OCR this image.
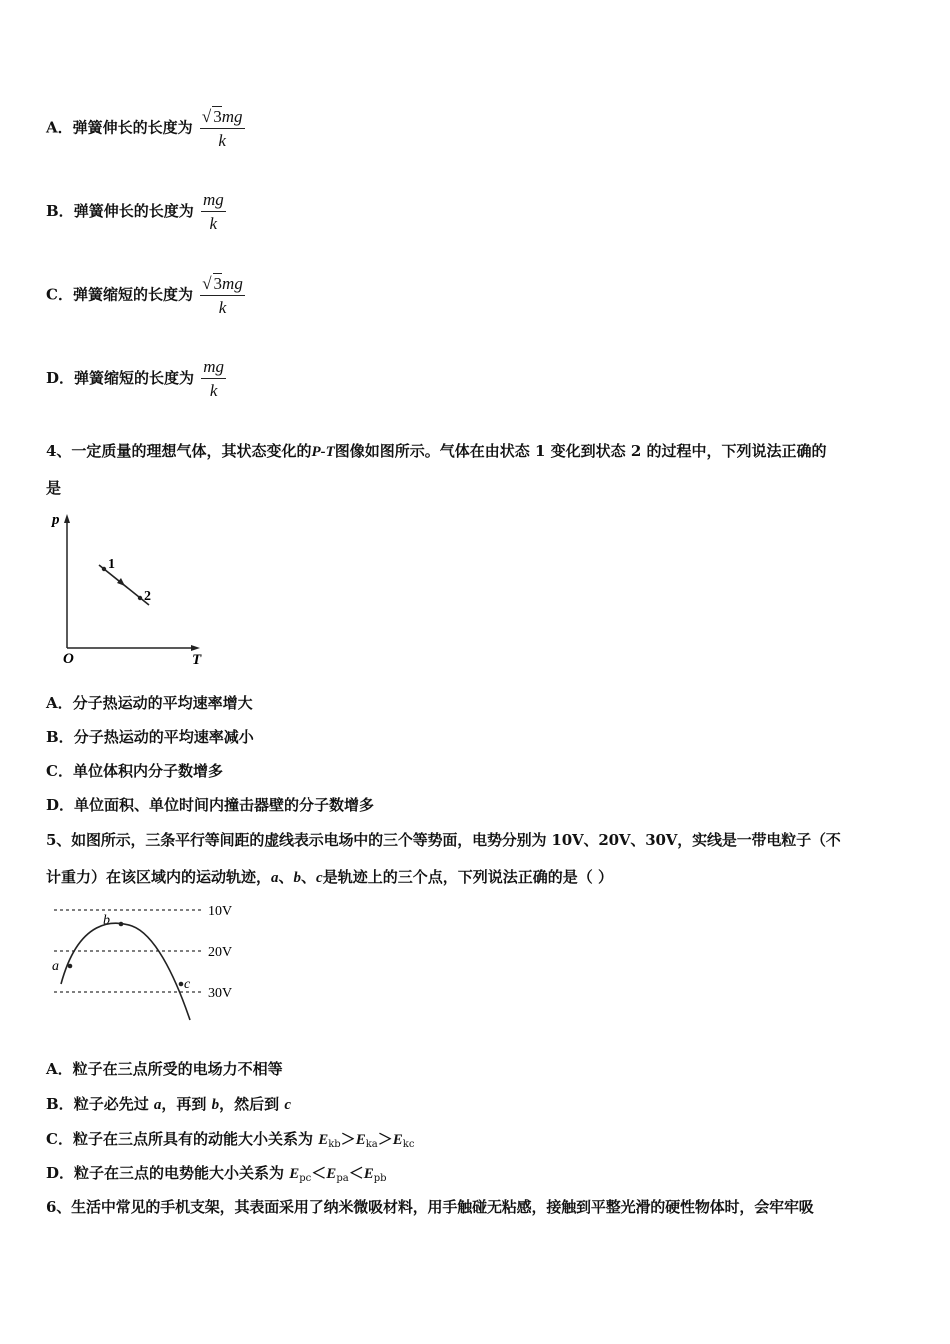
A．弹簧伸长的长度为 $\frac{√ 3mg}{k}$
B．弹簧伸长的长度为 $\frac{mg}{k}$
C．弹簧缩短的长度为 $\frac{√ 3mg}{k}$
D．弹簧缩短的长度为 $\frac{mg}{k}$
4、一定质量的理想气体，其状态变化的P-T图像如图所示。气体在由状态 1 变化到状态 2 的过程中，下列说法正确的
是
p
T
O
1
2
A．分子热运动的平均速率增大
B．分子热运动的平均速率减小
C．单位体积内分子数增多
D．单位面积、单位时间内撞击器壁的分子数增多
5、如图所示，三条平行等间距的虚线表示电场中的三个等势面，电势分别为 10V、20V、30V，实线是一带电粒子（不
计重力）在该区域内的运动轨迹，a、b、c是轨迹上的三个点，下列说法正确的是（ ）
10V
20V
30V
a
b
c
A．粒子在三点所受的电场力不相等
B．粒子必先过 a，再到 b，然后到 c
C．粒子在三点所具有的动能大小关系为 $E_{kb}>E_{ka}>E_{kc}$
D．粒子在三点的电势能大小关系为 $E_{pc}<E_{pa}<E_{pb}$
6、生活中常见的手机支架，其表面采用了纳米微吸材料，用手触碰无粘感，接触到平整光滑的硬性物体时，会牢牢吸
